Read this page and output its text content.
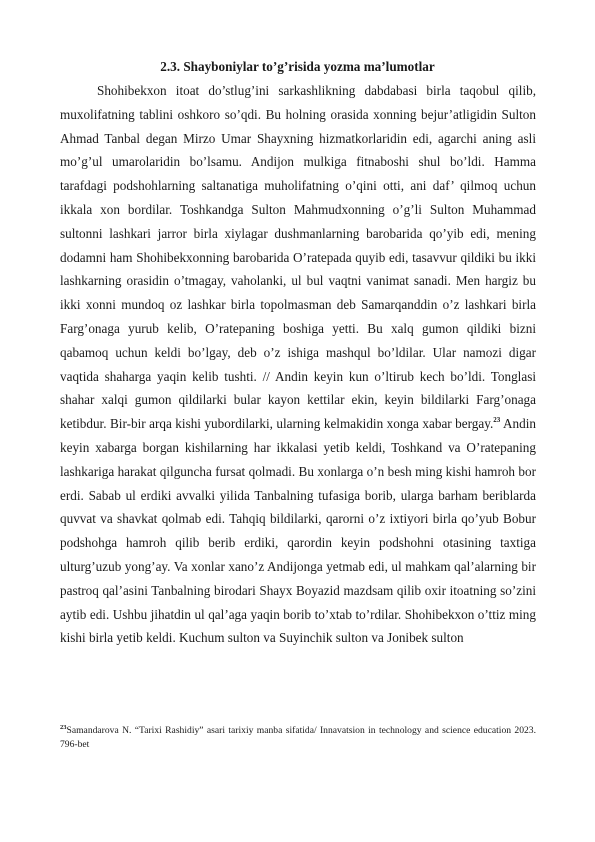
2.3. Shayboniylar to’g’risida yozma ma’lumotlar

Shohibekxon itoat do’stlug’ini sarkashlikning dabdabasi birla taqobul qilib, muxolifatning tablini oshkoro so’qdi. Bu holning orasida xonning bejur’atligidin Sulton Ahmad Tanbal degan Mirzo Umar Shayxning hizmatkorlaridin edi, agarchi aning asli mo’g’ul umarolaridin bo’lsamu. Andijon mulkiga fitnaboshi shul bo’ldi. Hamma tarafdagi podshohlarning saltanatiga muholifatning o’qini otti, ani daf’ qilmoq uchun ikkala xon bordilar. Toshkandga Sulton Mahmudxonning o’g’li Sulton Muhammad sultonni lashkari jarror birla xiylagar dushmanlarning barobarida qo’yib edi, mening dodamni ham Shohibekxonning barobarida O’ratepada quyib edi, tasavvur qildiki bu ikki lashkarning orasidin o’tmagay, vaholanki, ul bul vaqtni vanimat sanadi. Men hargiz bu ikki xonni mundoq oz lashkar birla topolmasman deb Samarqanddin o’z lashkari birla Farg’onaga yurub kelib, O’ratepaning boshiga yetti. Bu xalq gumon qildiki bizni qabamoq uchun keldi bo’lgay, deb o’z ishiga mashqul bo’ldilar. Ular namozi digar vaqtida shaharga yaqin kelib tushti. // Andin keyin kun o’ltirub kech bo’ldi. Tonglasi shahar xalqi gumon qildilarki bular kayon kettilar ekin, keyin bildilarki Farg’onaga ketibdur. Bir-bir arqa kishi yubordilarki, ularning kelmakidin xonga xabar bergay.$^{23}$ Andin keyin xabarga borgan kishilarning har ikkalasi yetib keldi, Toshkand va O’ratepaning lashkariga harakat qilguncha fursat qolmadi. Bu xonlarga o’n besh ming kishi hamroh bor erdi. Sabab ul erdiki avvalki yilida Tanbalning tufasiga borib, ularga barham beriblarda quvvat va shavkat qolmab edi. Tahqiq bildilarki, qarorni o’z ixtiyori birla qo’yub Bobur podshohga hamroh qilib berib erdiki, qarordin keyin podshohni otasining taxtiga ulturg’uzub yong’ay. Va xonlar xano’z Andijonga yetmab edi, ul mahkam qal’alarning bir pastroq qal’asini Tanbalning birodari Shayx Boyazid mazdsam qilib oxir itoatning so’zini aytib edi. Ushbu jihatdin ul qal’aga yaqin borib to’xtab to’rdilar. Shohibekxon o’ttiz ming kishi birla yetib keldi. Kuchum sulton va Suyinchik sulton va Jonibek sulton

$^{23}$Samandarova N. “Tarixi Rashidiy” asari tarixiy manba sifatida/ Innavatsion in technology and science education 2023. 796-bet
